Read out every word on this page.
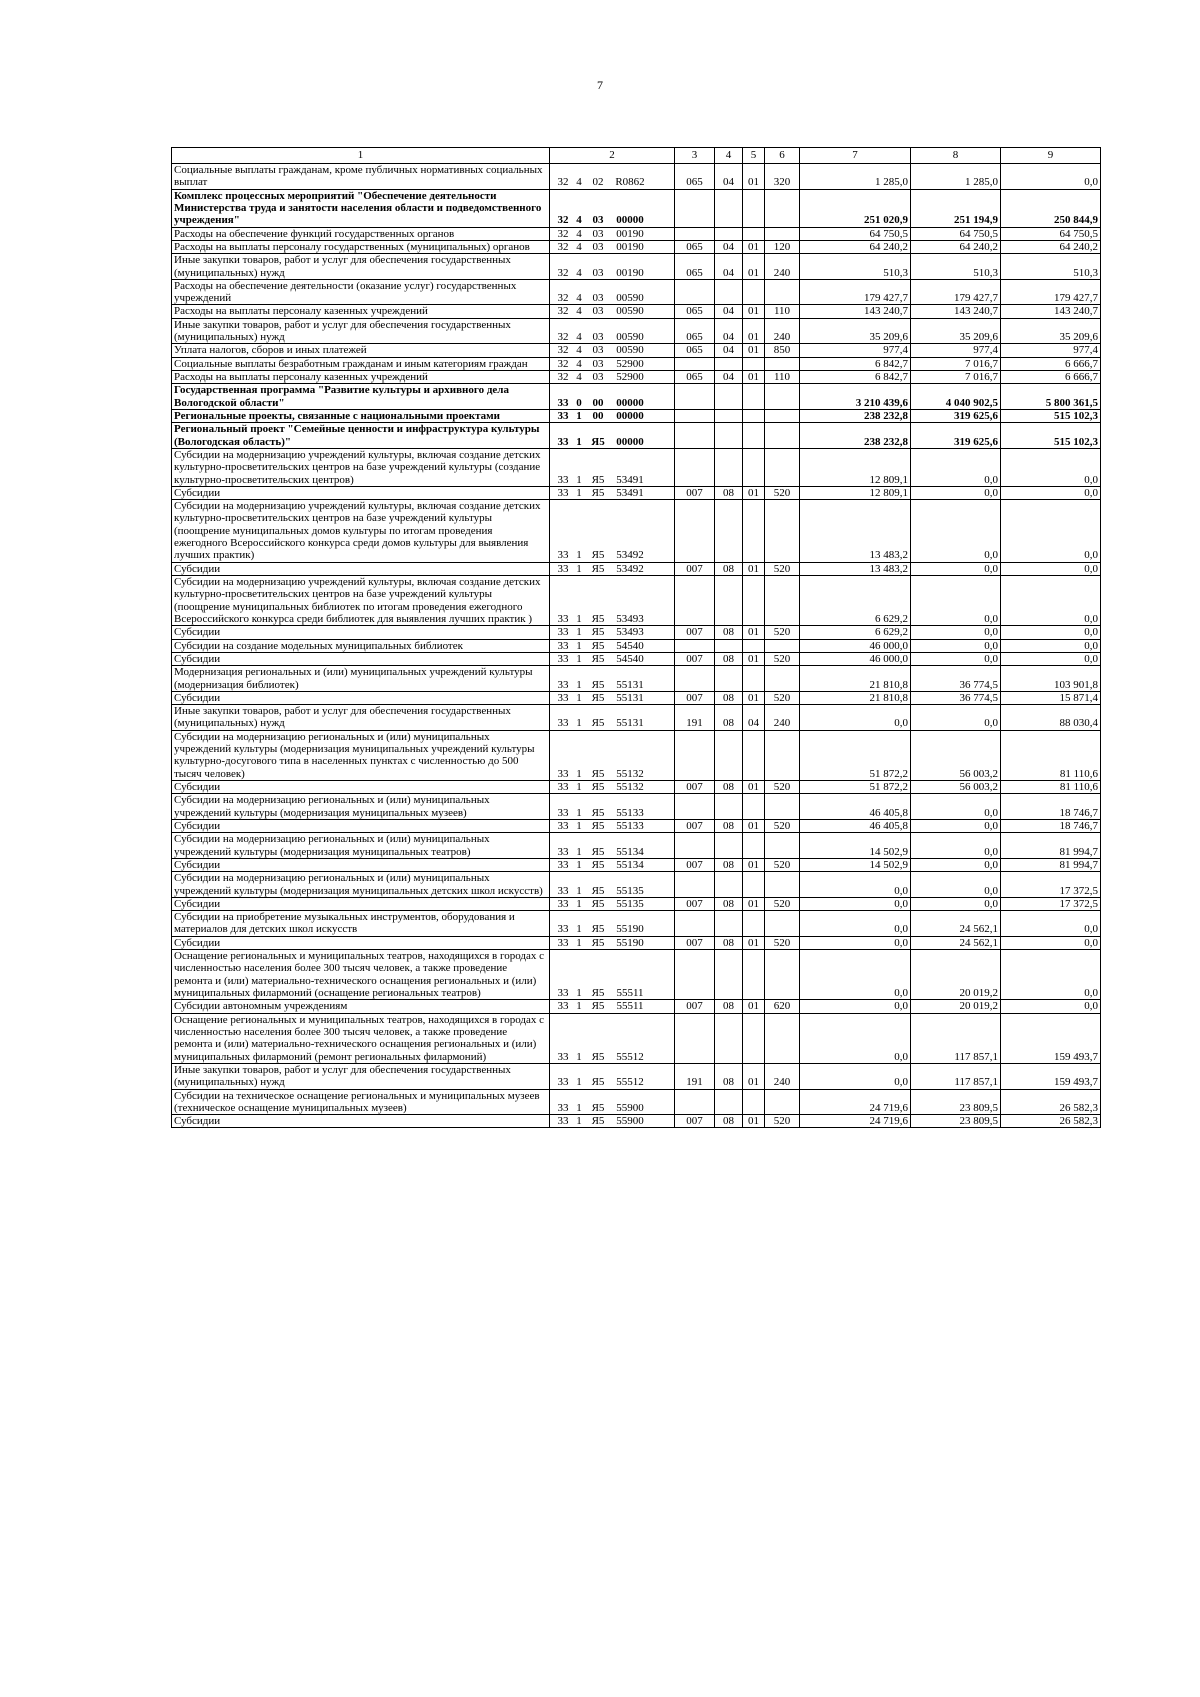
7
1	2	3	4	5	6	7	8	9
Социальные выплаты гражданам, кроме публичных нормативных социальных выплат	32 4 02 R0862	065	04	01	320	1 285,0	1 285,0	0,0
Комплекс процессных мероприятий "Обеспечение деятельности Министерства труда и занятости населения области и подведомственного учреждения"	32 4 03 00000					251 020,9	251 194,9	250 844,9
Расходы на обеспечение функций государственных органов	32 4 03 00190					64 750,5	64 750,5	64 750,5
Расходы на выплаты персоналу государственных (муниципальных) органов	32 4 03 00190	065	04	01	120	64 240,2	64 240,2	64 240,2
Иные закупки товаров, работ и услуг для обеспечения государственных (муниципальных) нужд	32 4 03 00190	065	04	01	240	510,3	510,3	510,3
Расходы на обеспечение деятельности (оказание услуг) государственных учреждений	32 4 03 00590					179 427,7	179 427,7	179 427,7
Расходы на выплаты персоналу казенных учреждений	32 4 03 00590	065	04	01	110	143 240,7	143 240,7	143 240,7
Иные закупки товаров, работ и услуг для обеспечения государственных (муниципальных) нужд	32 4 03 00590	065	04	01	240	35 209,6	35 209,6	35 209,6
Уплата налогов, сборов и иных платежей	32 4 03 00590	065	04	01	850	977,4	977,4	977,4
Социальные выплаты безработным гражданам и иным категориям граждан	32 4 03 52900					6 842,7	7 016,7	6 666,7
Расходы на выплаты персоналу казенных учреждений	32 4 03 52900	065	04	01	110	6 842,7	7 016,7	6 666,7
Государственная программа "Развитие культуры и архивного дела Вологодской области"	33 0 00 00000					3 210 439,6	4 040 902,5	5 800 361,5
Региональные проекты, связанные с национальными проектами	33 1 00 00000					238 232,8	319 625,6	515 102,3
Региональный проект "Семейные ценности и инфраструктура культуры (Вологодская область)"	33 1 Я5 00000					238 232,8	319 625,6	515 102,3
Субсидии на модернизацию учреждений культуры, включая создание детских культурно-просветительских центров на базе учреждений культуры (создание культурно-просветительских центров)	33 1 Я5 53491					12 809,1	0,0	0,0
Субсидии	33 1 Я5 53491	007	08	01	520	12 809,1	0,0	0,0
Субсидии на модернизацию учреждений культуры, включая создание детских культурно-просветительских центров на базе учреждений культуры (поощрение муниципальных домов культуры по итогам проведения ежегодного Всероссийского конкурса среди домов культуры для выявления лучших практик)	33 1 Я5 53492					13 483,2	0,0	0,0
Субсидии	33 1 Я5 53492	007	08	01	520	13 483,2	0,0	0,0
Субсидии на модернизацию учреждений культуры, включая создание детских культурно-просветительских центров на базе учреждений культуры (поощрение муниципальных библиотек по итогам проведения ежегодного Всероссийского конкурса среди библиотек для выявления лучших практик )	33 1 Я5 53493					6 629,2	0,0	0,0
Субсидии	33 1 Я5 53493	007	08	01	520	6 629,2	0,0	0,0
Субсидии на создание модельных муниципальных библиотек	33 1 Я5 54540					46 000,0	0,0	0,0
Субсидии	33 1 Я5 54540	007	08	01	520	46 000,0	0,0	0,0
Модернизация региональных и (или) муниципальных учреждений культуры (модернизация библиотек)	33 1 Я5 55131					21 810,8	36 774,5	103 901,8
Субсидии	33 1 Я5 55131	007	08	01	520	21 810,8	36 774,5	15 871,4
Иные закупки товаров, работ и услуг для обеспечения государственных (муниципальных) нужд	33 1 Я5 55131	191	08	04	240	0,0	0,0	88 030,4
Субсидии на модернизацию региональных и (или) муниципальных учреждений культуры (модернизация муниципальных учреждений культуры культурно-досугового типа в населенных пунктах с численностью до 500 тысяч человек)	33 1 Я5 55132					51 872,2	56 003,2	81 110,6
Субсидии	33 1 Я5 55132	007	08	01	520	51 872,2	56 003,2	81 110,6
Субсидии на модернизацию региональных и (или) муниципальных учреждений культуры (модернизация муниципальных музеев)	33 1 Я5 55133					46 405,8	0,0	18 746,7
Субсидии	33 1 Я5 55133	007	08	01	520	46 405,8	0,0	18 746,7
Субсидии на модернизацию региональных и (или) муниципальных учреждений культуры (модернизация муниципальных театров)	33 1 Я5 55134					14 502,9	0,0	81 994,7
Субсидии	33 1 Я5 55134	007	08	01	520	14 502,9	0,0	81 994,7
Субсидии на модернизацию региональных и (или) муниципальных учреждений культуры (модернизация муниципальных детских школ искусств)	33 1 Я5 55135					0,0	0,0	17 372,5
Субсидии	33 1 Я5 55135	007	08	01	520	0,0	0,0	17 372,5
Субсидии на приобретение музыкальных инструментов, оборудования и материалов для детских школ искусств	33 1 Я5 55190					0,0	24 562,1	0,0
Субсидии	33 1 Я5 55190	007	08	01	520	0,0	24 562,1	0,0
Оснащение региональных и муниципальных театров, находящихся в городах с численностью населения более 300 тысяч человек, а также проведение ремонта и (или) материально-технического оснащения региональных и (или) муниципальных филармоний (оснащение региональных театров)	33 1 Я5 55511					0,0	20 019,2	0,0
Субсидии автономным учреждениям	33 1 Я5 55511	007	08	01	620	0,0	20 019,2	0,0
Оснащение региональных и муниципальных театров, находящихся в городах с численностью населения более 300 тысяч человек, а также проведение ремонта и (или) материально-технического оснащения региональных и (или) муниципальных филармоний (ремонт региональных филармоний)	33 1 Я5 55512					0,0	117 857,1	159 493,7
Иные закупки товаров, работ и услуг для обеспечения государственных (муниципальных) нужд	33 1 Я5 55512	191	08	01	240	0,0	117 857,1	159 493,7
Субсидии на техническое оснащение региональных и муниципальных музеев (техническое оснащение муниципальных музеев)	33 1 Я5 55900					24 719,6	23 809,5	26 582,3
Субсидии	33 1 Я5 55900	007	08	01	520	24 719,6	23 809,5	26 582,3
